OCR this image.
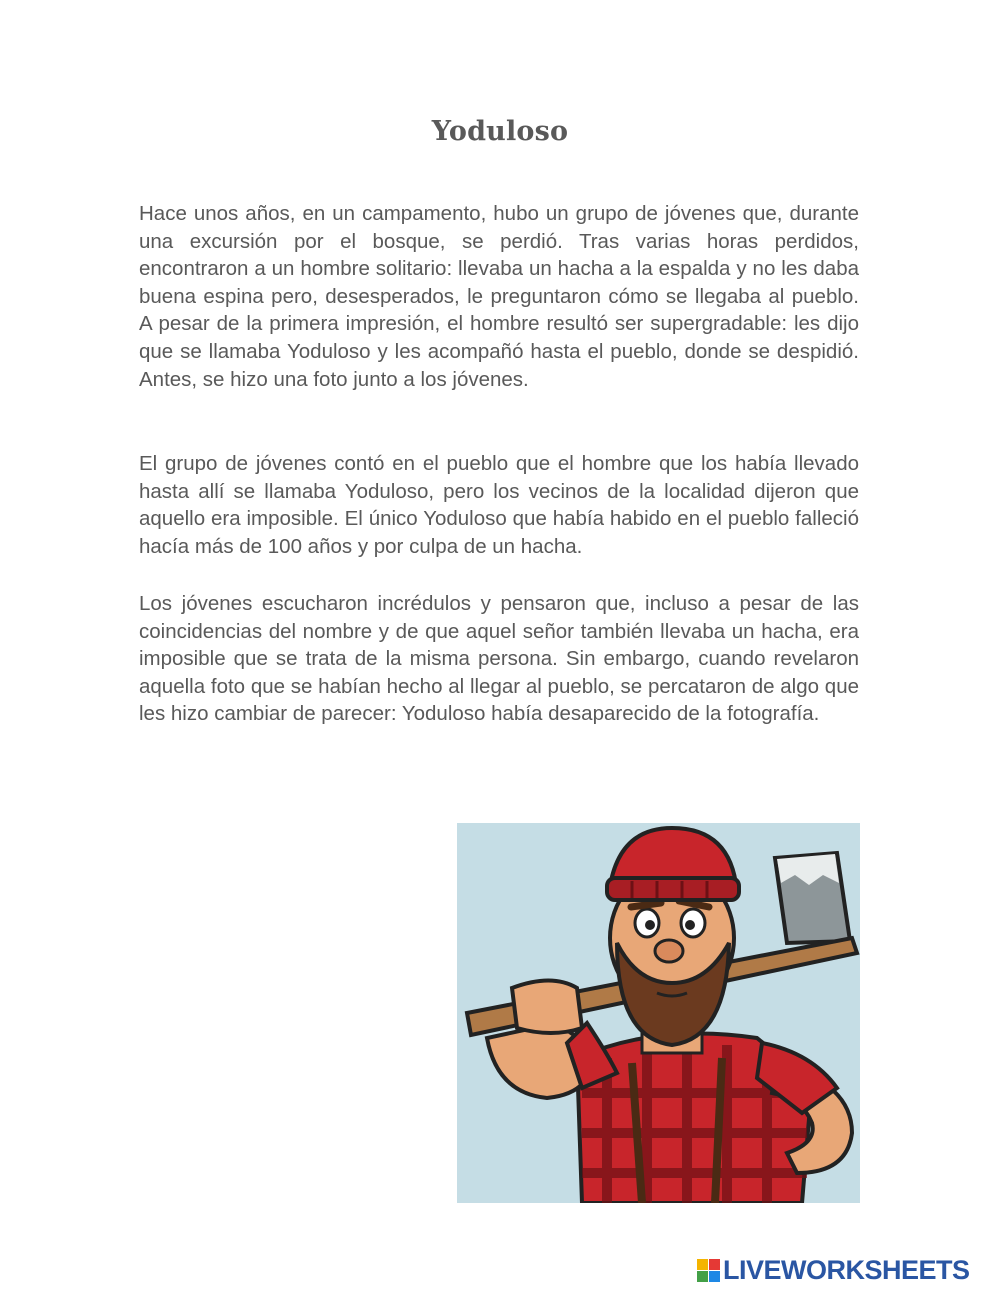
Yoduloso

Hace unos años, en un campamento, hubo un grupo de jóvenes que, durante una excursión por el bosque, se perdió. Tras varias horas perdidos, encontraron a un hombre solitario: llevaba un hacha a la espalda y no les daba buena espina pero, desesperados, le preguntaron cómo se llegaba al pueblo. A pesar de la primera impresión, el hombre resultó ser supergradable: les dijo que se llamaba Yoduloso y les acompañó hasta el pueblo, donde se despidió. Antes, se hizo una foto junto a los jóvenes.

El grupo de jóvenes contó en el pueblo que el hombre que los había llevado hasta allí se llamaba Yoduloso, pero los vecinos de la localidad dijeron que aquello era imposible. El único Yoduloso que había habido en el pueblo falleció hacía más de 100 años y por culpa de un hacha.

Los jóvenes escucharon incrédulos y pensaron que, incluso a pesar de las coincidencias del nombre y de que aquel señor también llevaba un hacha, era imposible que se trata de la misma persona. Sin embargo, cuando revelaron aquella foto que se habían hecho al llegar al pueblo, se percataron de algo que les hizo cambiar de parecer: Yoduloso había desaparecido de la fotografía.

LIVEWORKSHEETS
